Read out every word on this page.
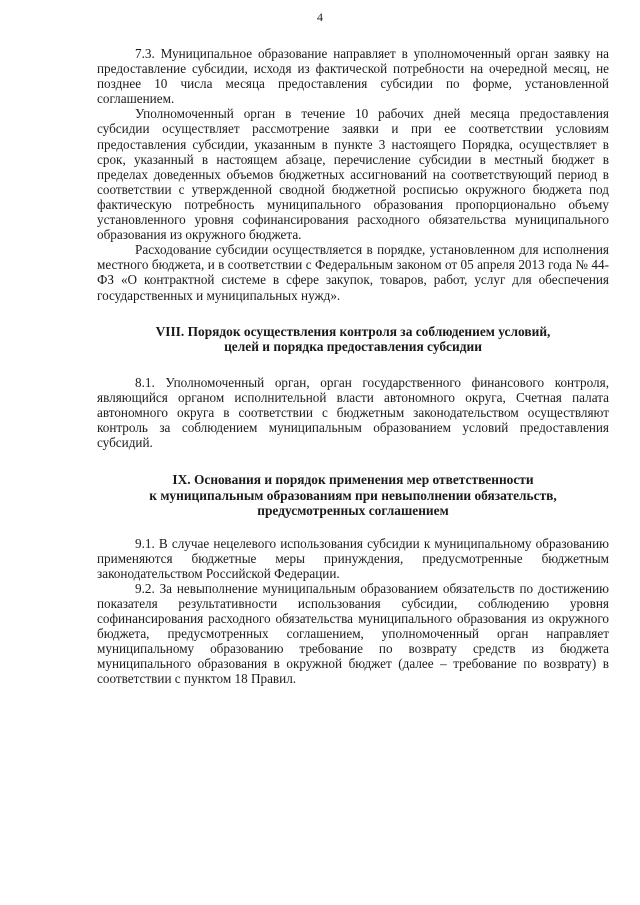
4

7.3. Муниципальное образование направляет в уполномоченный орган заявку на предоставление субсидии, исходя из фактической потребности на очередной месяц, не позднее 10 числа месяца предоставления субсидии по форме, установленной соглашением.

Уполномоченный орган в течение 10 рабочих дней месяца предоставления субсидии осуществляет рассмотрение заявки и при ее соответствии условиям предоставления субсидии, указанным в пункте 3 настоящего Порядка, осуществляет в срок, указанный в настоящем абзаце, перечисление субсидии в местный бюджет в пределах доведенных объемов бюджетных ассигнований на соответствующий период в соответствии с утвержденной сводной бюджетной росписью окружного бюджета под фактическую потребность муниципального образования пропорционально объему установленного уровня софинансирования расходного обязательства муниципального образования из окружного бюджета.

Расходование субсидии осуществляется в порядке, установленном для исполнения местного бюджета, и в соответствии с Федеральным законом от 05 апреля 2013 года № 44-ФЗ «О контрактной системе в сфере закупок, товаров, работ, услуг для обеспечения государственных и муниципальных нужд».

VIII. Порядок осуществления контроля за соблюдением условий,
целей и порядка предоставления субсидии

8.1. Уполномоченный орган, орган государственного финансового контроля, являющийся органом исполнительной власти автономного округа, Счетная палата автономного округа в соответствии с бюджетным законодательством осуществляют контроль за соблюдением муниципальным образованием условий предоставления субсидий.

IX. Основания и порядок применения мер ответственности
к муниципальным образованиям при невыполнении обязательств,
предусмотренных соглашением

9.1. В случае нецелевого использования субсидии к муниципальному образованию применяются бюджетные меры принуждения, предусмотренные бюджетным законодательством Российской Федерации.

9.2. За невыполнение муниципальным образованием обязательств по достижению показателя результативности использования субсидии, соблюдению уровня софинансирования расходного обязательства муниципального образования из окружного бюджета, предусмотренных соглашением, уполномоченный орган направляет муниципальному образованию требование по возврату средств из бюджета муниципального образования в окружной бюджет (далее – требование по возврату) в соответствии с пунктом 18 Правил.
